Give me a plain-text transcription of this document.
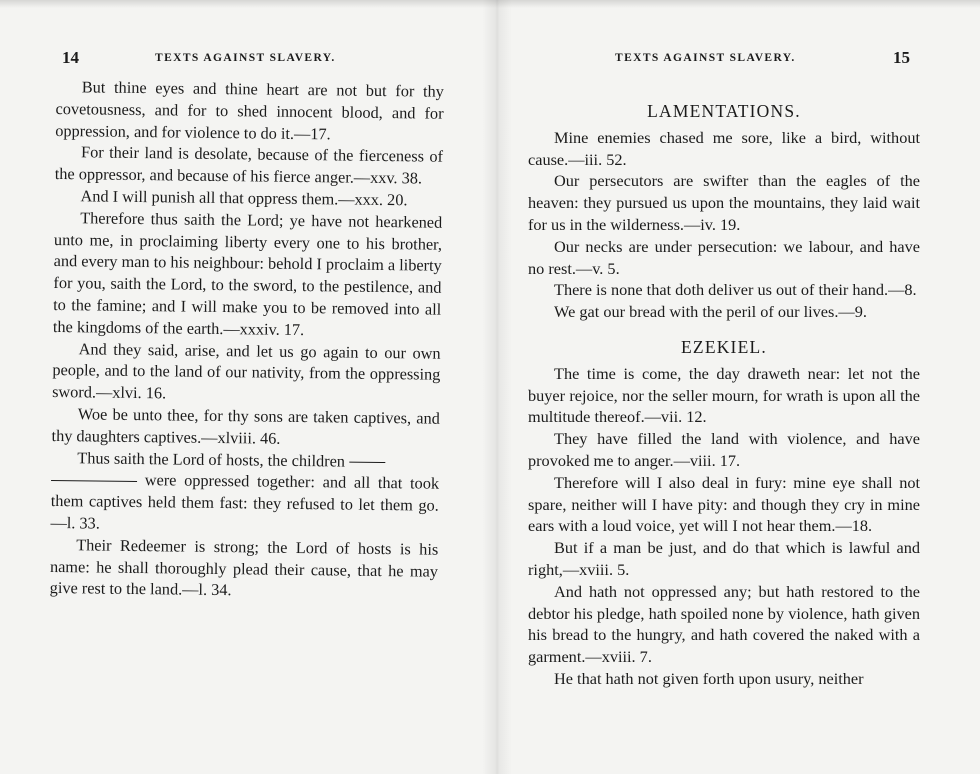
14	TEXTS AGAINST SLAVERY.

But thine eyes and thine heart are not but for thy covetousness, and for to shed innocent blood, and for oppression, and for violence to do it.—17.

For their land is desolate, because of the fierceness of the oppressor, and because of his fierce anger.—xxv. 38.

And I will punish all that oppress them.—xxx. 20.

Therefore thus saith the Lord; ye have not hearkened unto me, in proclaiming liberty every one to his brother, and every man to his neighbour: behold I proclaim a liberty for you, saith the Lord, to the sword, to the pestilence, and to the famine; and I will make you to be removed into all the kingdoms of the earth.—xxxiv. 17.

And they said, arise, and let us go again to our own people, and to the land of our nativity, from the oppressing sword.—xlvi. 16.

Woe be unto thee, for thy sons are taken captives, and thy daughters captives.—xlviii. 46.

Thus saith the Lord of hosts, the children
were oppressed together: and all that took them captives held them fast: they refused to let them go.—l. 33.

Their Redeemer is strong; the Lord of hosts is his name: he shall thoroughly plead their cause, that he may give rest to the land.—l. 34.

TEXTS AGAINST SLAVERY.	15
LAMENTATIONS.

Mine enemies chased me sore, like a bird, without cause.—iii. 52.

Our persecutors are swifter than the eagles of the heaven: they pursued us upon the mountains, they laid wait for us in the wilderness.—iv. 19.

Our necks are under persecution: we labour, and have no rest.—v. 5.

There is none that doth deliver us out of their hand.—8.

We gat our bread with the peril of our lives.—9.

EZEKIEL.

The time is come, the day draweth near: let not the buyer rejoice, nor the seller mourn, for wrath is upon all the multitude thereof.—vii. 12.

They have filled the land with violence, and have provoked me to anger.—viii. 17.

Therefore will I also deal in fury: mine eye shall not spare, neither will I have pity: and though they cry in mine ears with a loud voice, yet will I not hear them.—18.

But if a man be just, and do that which is lawful and right,—xviii. 5.

And hath not oppressed any; but hath restored to the debtor his pledge, hath spoiled none by violence, hath given his bread to the hungry, and hath covered the naked with a garment.—xviii. 7.

He that hath not given forth upon usury, neither
